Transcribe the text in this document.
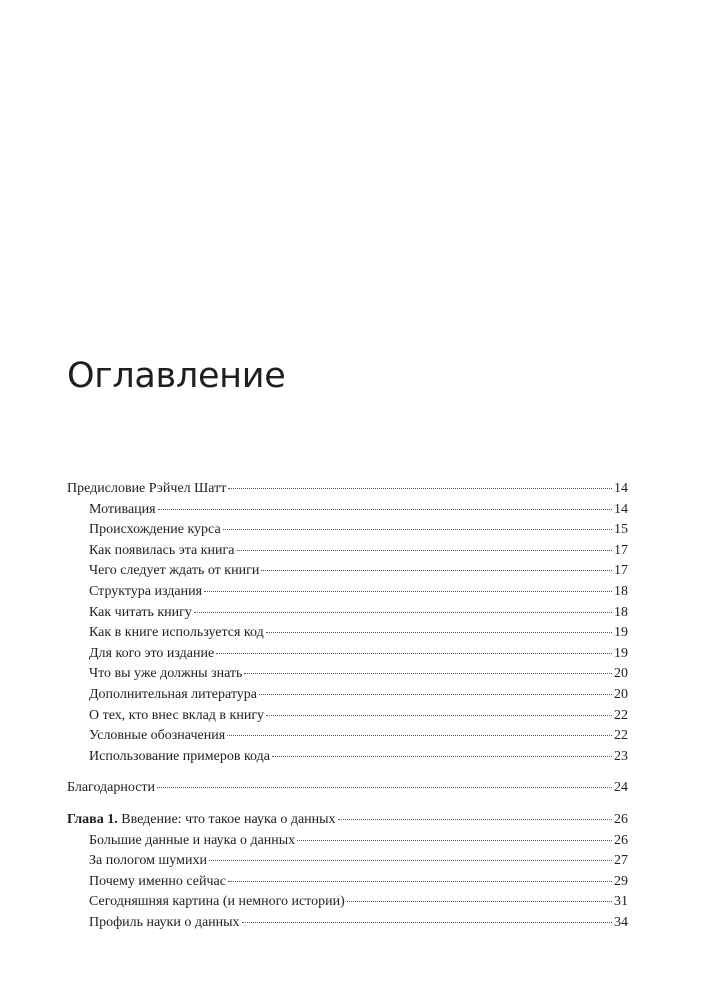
Оглавление
Предисловие Рэйчел Шатт	14
Мотивация	14
Происхождение курса	15
Как появилась эта книга	17
Чего следует ждать от книги	17
Структура издания	18
Как читать книгу	18
Как в книге используется код	19
Для кого это издание	19
Что вы уже должны знать	20
Дополнительная литература	20
О тех, кто внес вклад в книгу	22
Условные обозначения	22
Использование примеров кода	23
Благодарности	24
Глава 1. Введение: что такое наука о данных	26
Большие данные и наука о данных	26
За пологом шумихи	27
Почему именно сейчас	29
Сегодняшняя картина (и немного истории)	31
Профиль науки о данных	34
